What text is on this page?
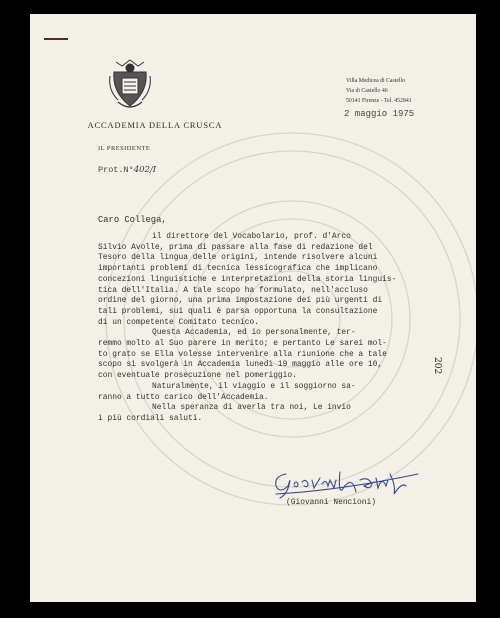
ACCADEMIA DELLA CRUSCA
Villa Medicea di Castello
Via di Castello 46
50141 Firenze - Tel. 452841
2 maggio 1975
IL PRESIDENTE
Prot.N°402/I
Caro Collega,

il direttore del Vocabolario, prof. d'Arco

Silvio Avolle, prima di passare alla fase di redazione del

Tesoro della lingua delle origini, intende risolvere alcuni

importanti problemi di tecnica lessicografica che implicano

concezioni linguistiche e interpretazioni della storia linguis-

tica dell'Italia. A tale scopo ha formulato, nell'accluso

ordine del giorno, una prima impostazione dei più urgenti di

tali problemi, sui quali è parsa opportuna la consultazione

di un competente Comitato tecnico.

Questa Accademia, ed io personalmente, ter-

remmo molto al Suo parere in merito; e pertanto Le sarei mol-

to grato se Ella volesse intervenire alla riunione che a tale

scopo si svolgerà in Accademia lunedì 19 maggio alle ore 10,

con eventuale prosecuzione nel pomeriggio.

Naturalmente, il viaggio e il soggiorno sa-

ranno a tutto carico dell'Accademia.

Nella speranza di averla tra noi, Le invio

i più cordiali saluti.

(Giovanni Nencioni)
202
